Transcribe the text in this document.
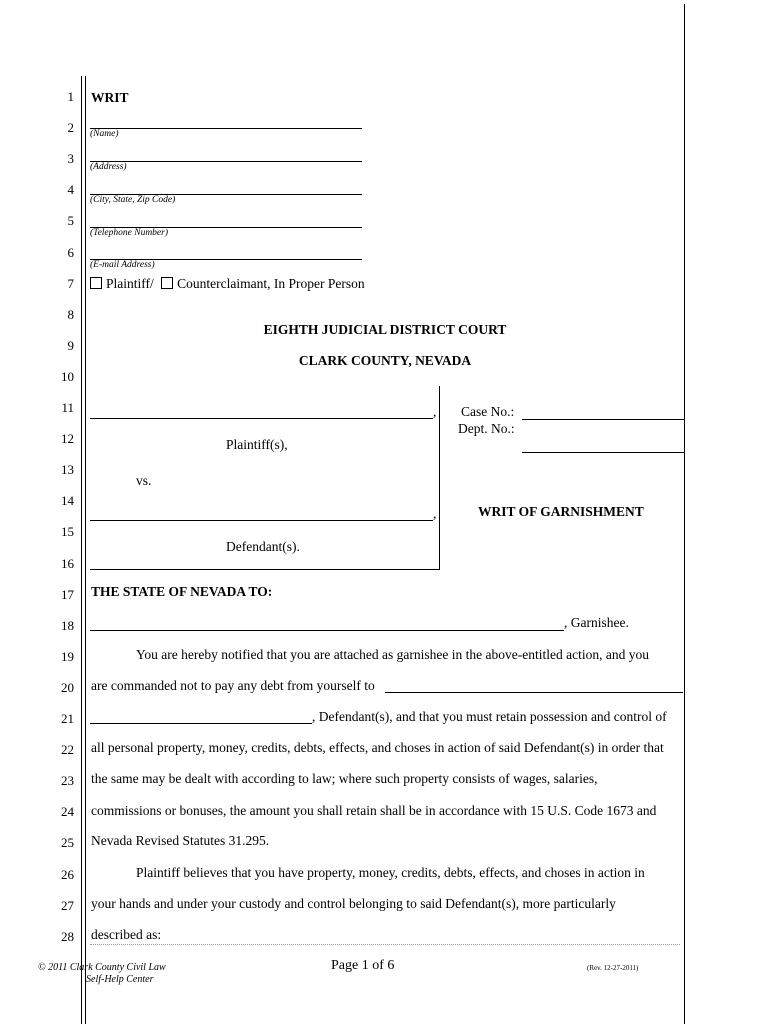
1
2
3
4
5
6
7
8
9
10
11
12
13
14
15
16
17
18
19
20
21
22
23
24
25
26
27
28
WRIT
(Name)
(Address)
(City, State, Zip Code)
(Telephone Number)
(E-mail Address)
Plaintiff/ Counterclaimant, In Proper Person
EIGHTH JUDICIAL DISTRICT COURT
CLARK COUNTY, NEVADA
,
Plaintiff(s),
vs.
,
Defendant(s).
Case No.:
Dept. No.:
WRIT OF GARNISHMENT
THE STATE OF NEVADA TO:
, Garnishee.
You are hereby notified that you are attached as garnishee in the above-entitled action, and you
are commanded not to pay any debt from yourself to
, Defendant(s), and that you must retain possession and control of
all personal property, money, credits, debts, effects, and choses in action of said Defendant(s) in order that
the same may be dealt with according to law; where such property consists of wages, salaries,
commissions or bonuses, the amount you shall retain shall be in accordance with 15 U.S. Code 1673 and
Nevada Revised Statutes 31.295.
Plaintiff believes that you have property, money, credits, debts, effects, and choses in action in
your hands and under your custody and control belonging to said Defendant(s), more particularly
described as:
© 2011 Clark County Civil Law
Self-Help Center
Page 1 of 6	(Rev. 12-27-2011)
